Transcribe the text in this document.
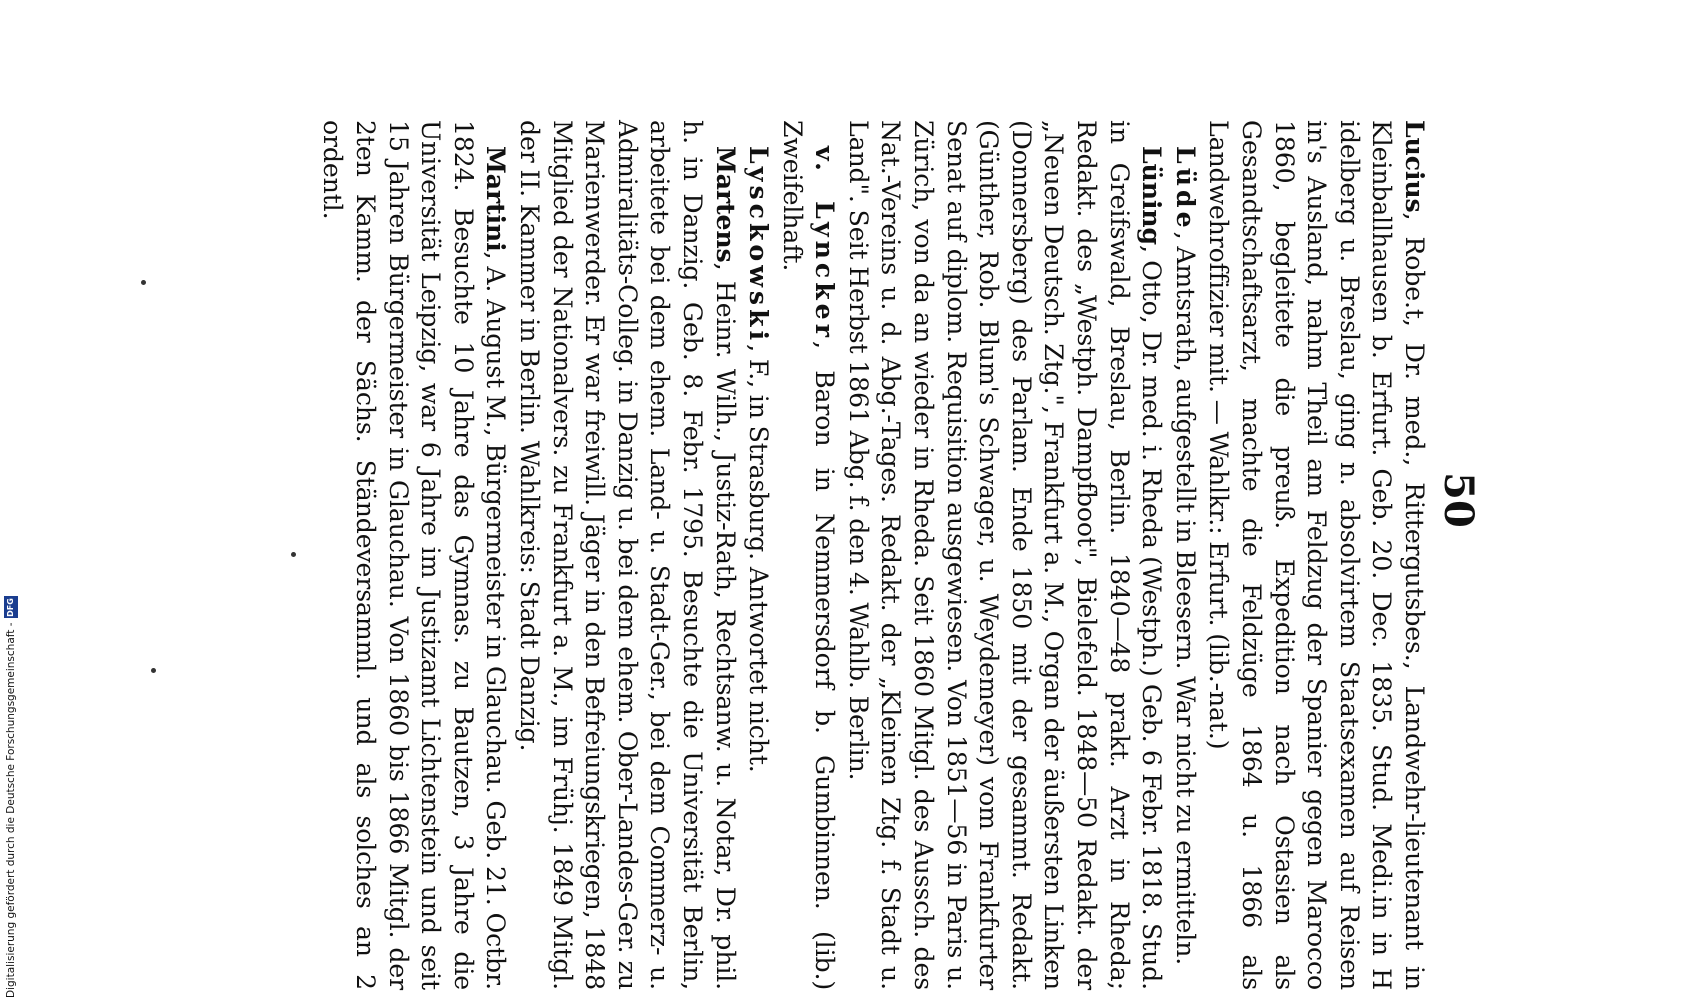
50

Lucius, Robe.t, Dr. med., Rittergutsbes., Landwehr-lieutenant in Kleinballhausen b. Erfurt. Geb. 20. Dec. 1835. Stud. Medi.in in H idelberg u. Breslau, ging n. absolvirtem Staatsexamen auf Reisen in's Ausland, nahm Theil am Feldzug der Spanier gegen Marocco 1860, begleitete die preuß. Expedition nach Ostasien als Gesandtschaftsarzt, machte die Feldzüge 1864 u. 1866 als Landwehroffizier mit. — Wahlkr.: Erfurt. (lib.-nat.)

Lüde, Amtsrath, aufgestellt in Bleesern. War nicht zu ermitteln.

Lüning, Otto, Dr. med. i. Rheda (Westph.) Geb. 6 Febr. 1818. Stud. in Greifswald, Breslau, Berlin. 1840—48 prakt. Arzt in Rheda; Redakt. des „Westph. Dampfboot", Bielefeld. 1848—50 Redakt. der „Neuen Deutsch. Ztg.", Frankfurt a. M., Organ der äußersten Linken (Donnersberg) des Parlam. Ende 1850 mit der gesammt. Redakt. (Günther, Rob. Blum's Schwager, u. Weydemeyer) vom Frankfurter Senat auf diplom. Requisition ausgewiesen. Von 1851—56 in Paris u. Zürich, von da an wieder in Rheda. Seit 1860 Mitgl. des Aussch. des Nat.-Vereins u. d. Abg.-Tages. Redakt. der „Kleinen Ztg. f. Stadt u. Land". Seit Herbst 1861 Abg. f. den 4. Wahlb. Berlin.

v. Lyncker, Baron in Nemmersdorf b. Gumbinnen. (lib.) Zweifelhaft.

Lysckowski, F., in Strasburg. Antwortet nicht.

Martens, Heinr. Wilh., Justiz-Rath, Rechtsanw. u. Notar, Dr. phil. h. in Danzig. Geb. 8. Febr. 1795. Besuchte die Universität Berlin, arbeitete bei dem ehem. Land- u. Stadt-Ger., bei dem Commerz- u. Admiralitäts-Colleg. in Danzig u. bei dem ehem. Ober-Landes-Ger. zu Marienwerder. Er war freiwill. Jäger in den Befreiungskriegen, 1848 Mitglied der Nationalvers. zu Frankfurt a. M., im Frühj. 1849 Mitgl. der II. Kammer in Berlin. Wahlkreis: Stadt Danzig.

Martini, A. August M., Bürgermeister in Glauchau. Geb. 21. Octbr. 1824. Besuchte 10 Jahre das Gymnas. zu Bautzen, 3 Jahre die Universität Leipzig, war 6 Jahre im Justizamt Lichtenstein und seit 15 Jahren Bürgermeister in Glauchau. Von 1860 bis 1866 Mitgl. der 2ten Kamm. der Sächs. Ständeversamml. und als solches an 2 ordentl.

Digitalisierung gefördert durch die Deutsche Forschungsgemeinschaft -DFG
